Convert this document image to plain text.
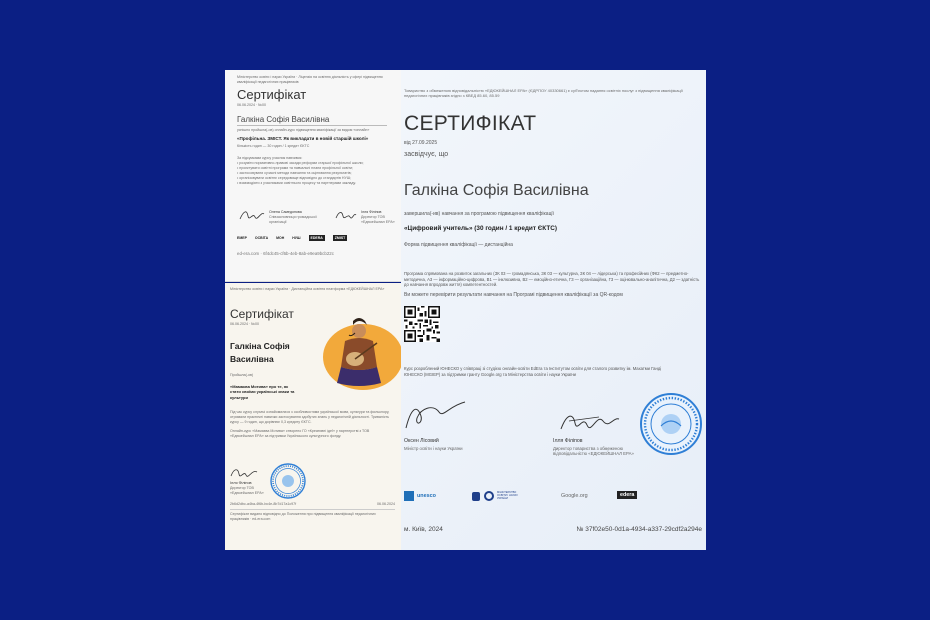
Міністерство освіти і науки України · Ліцензія на освітню діяльність у сфері підвищення кваліфікації педагогічних працівників
Сертифікат
06.06.2024 · №00
Галкіна Софія Василівна
успішно пройшла(-ов) онлайн-курс підвищення кваліфікації за видом «онлайн»
«Профільна. ЗМІСТ. Як викладати в новій старшій школі»
Кількість годин — 30 годин / 1 кредит ЄКТС
За підсумками курсу учасник навчився:
• розуміти нормативно-правові засади реформи старшої профільної школи;
• проєктувати освітні програми та навчальні плани профільної освіти;
• застосовувати сучасні методи навчання та оцінювання результатів;
• організовувати освітнє середовище відповідно до стандартів НУШ;
• взаємодіяти з учасниками освітнього процесу та партнерами закладу.
Олена Самедонова
Співзасновниця громадської організації
Ілля Філіпов
Директор ТОВ «Едюкейшнал ЕРА»
ЕМЕР ОСВІТА МОН НУШ	EDERA	ZMIST
ed-era.com · 6f4dc45-cf6b-4eb-8ab-e9ea9bcb22c
Міністерство освіти і науки України · Дистанційна освітня платформа «ЕДЮКЕЙШНАЛ ЕРА»
Сертифікат
06.06.2024 · №00
Галкіна Софія Василівна
Пройшла(-ов)
«Мамаєва Мотива» про те, як стати своїми українські знаки та культури
Під час курсу слухачі ознайомилися з особливостями української мови, культури та фольклору, отримали практичні навички застосування здобутих знань у педагогічній діяльності. Тривалість курсу — 9 годин, що дорівнює 0,3 кредиту ЄКТС.
Онлайн-курс «Мамаєва Мотива» створено ГО «Креативні ідеї» у партнерстві з ТОВ «Едюкейшнал ЕРА» за підтримки Українського культурного фонду.
Ілля Філіпов
Директор ТОВ «Едюкейшнал ЕРА»
2b6d2dbc-a4ba-4f6b-bc4e-8b7d17a1c97f	06.06.2024
Сертифікат видано відповідно до Положення про підвищення кваліфікації педагогічних працівників · ed-era.com
Товариство з обмеженою відповідальністю «ЕДЮКЕЙШНАЛ ЕРА» (ЄДРПОУ 40330661) є суб'єктом надання освітніх послуг з підвищення кваліфікації педагогічних працівників згідно з КВЕД 85.60, 85.59
СЕРТИФІКАТ
від 27.09.2025
засвідчує, що
Галкіна Софія Василівна
завершила(-ив) навчання за програмою підвищення кваліфікації
«Цифровий учитель» (30 годин / 1 кредит ЄКТС)
Форма підвищення кваліфікації — дистанційна
Програма спрямована на розвиток загальних (ЗК 03 — громадянська, ЗК 03 — культурна, ЗК 04 — лідерська) та професійних (ФК2 — предметно-методична, А3 — інформаційно-цифрова, В1 — інклюзивна, В2 — емоційно-етична, Г3 — організаційна, Г3 — оцінювально-аналітична, Д2 — здатність до навчання впродовж життя) компетентностей.
Ви можете перевірити результати навчання на Програмі підвищення кваліфікації за QR-кодом
Курс розроблений ЮНЕСКО у співпраці зі студією онлайн-освіти EdEra та Інститутом освіти для сталого розвитку ім. Махатми Ганді ЮНЕСКО (MGIEP) за підтримки гранту Google.org та Міністерства освіти і науки України
Оксен Лісовий
Міністр освіти і науки України
Ілля Філіпов
Директор товариства з обмеженою відповідальністю «ЕДЮКЕЙШНАЛ ЕРА»
unesco
МІНІСТЕРСТВО ОСВІТИ І НАУКИ УКРАЇНИ	Google.org	edera
м. Київ, 2024	№ 37f02e50-0d1a-4934-a337-29cdf2a294e
